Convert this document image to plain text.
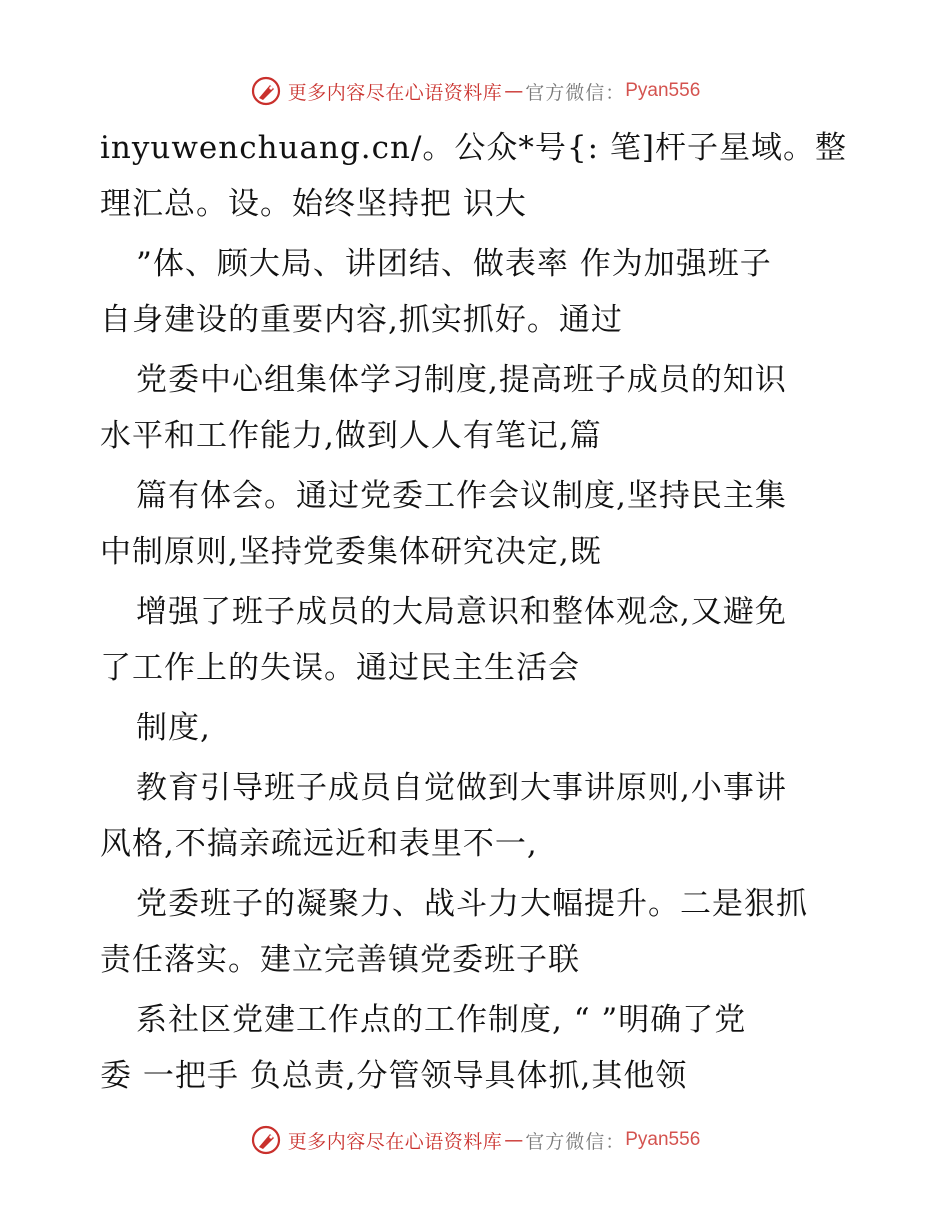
更多内容尽在心语资料库 — 官方微信： Pyan556
inyuwenchuang.cn/。公众*号{: 笔]杆子星域。整
理汇总。设。始终坚持把 识大
”体、顾大局、讲团结、做表率 作为加强班子
自身建设的重要内容,抓实抓好。通过
党委中心组集体学习制度,提高班子成员的知识
水平和工作能力,做到人人有笔记,篇
篇有体会。通过党委工作会议制度,坚持民主集
中制原则,坚持党委集体研究决定,既
增强了班子成员的大局意识和整体观念,又避免
了工作上的失误。通过民主生活会
制度,
教育引导班子成员自觉做到大事讲原则,小事讲
风格,不搞亲疏远近和表里不一,
党委班子的凝聚力、战斗力大幅提升。二是狠抓
责任落实。建立完善镇党委班子联
系社区党建工作点的工作制度, “ ”明确了党
委 一把手 负总责,分管领导具体抓,其他领
更多内容尽在心语资料库 — 官方微信： Pyan556
